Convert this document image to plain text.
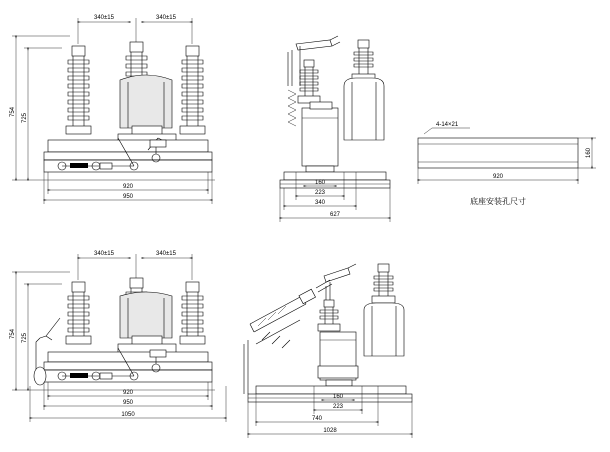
754
725
340±15	340±15
920
950
160
223
340
627
4-14×21
920
160
底座安装孔尺寸
754 725
340±15	340±15
920
950
1050
160
223
740
1028
